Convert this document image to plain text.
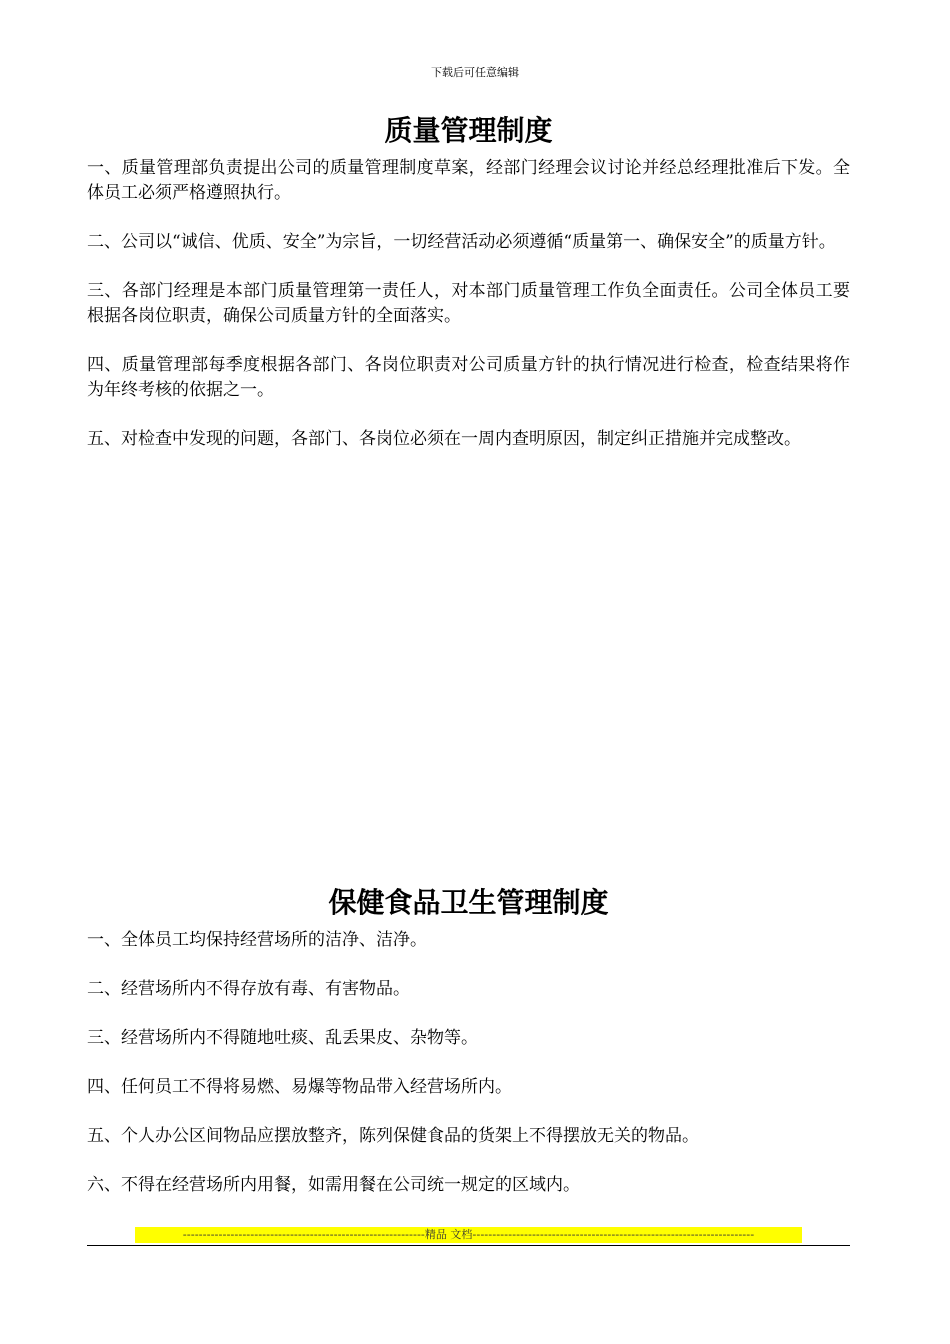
下载后可任意编辑
质量管理制度

一、质量管理部负责提出公司的质量管理制度草案，经部门经理会议讨论并经总经理批准后下发。全体员工必须严格遵照执行。

二、公司以“诚信、优质、安全”为宗旨，一切经营活动必须遵循“质量第一、确保安全”的质量方针。

三、各部门经理是本部门质量管理第一责任人，对本部门质量管理工作负全面责任。公司全体员工要根据各岗位职责，确保公司质量方针的全面落实。

四、质量管理部每季度根据各部门、各岗位职责对公司质量方针的执行情况进行检查，检查结果将作为年终考核的依据之一。

五、对检查中发现的问题，各部门、各岗位必须在一周内查明原因，制定纠正措施并完成整改。

保健食品卫生管理制度

一、全体员工均保持经营场所的洁净、洁净。

二、经营场所内不得存放有毒、有害物品。

三、经营场所内不得随地吐痰、乱丢果皮、杂物等。

四、任何员工不得将易燃、易爆等物品带入经营场所内。

五、个人办公区间物品应摆放整齐，陈列保健食品的货架上不得摆放无关的物品。

六、不得在经营场所内用餐，如需用餐在公司统一规定的区域内。

-------------------------------------------------------------精品 文档-----------------------------------------------------------------------
